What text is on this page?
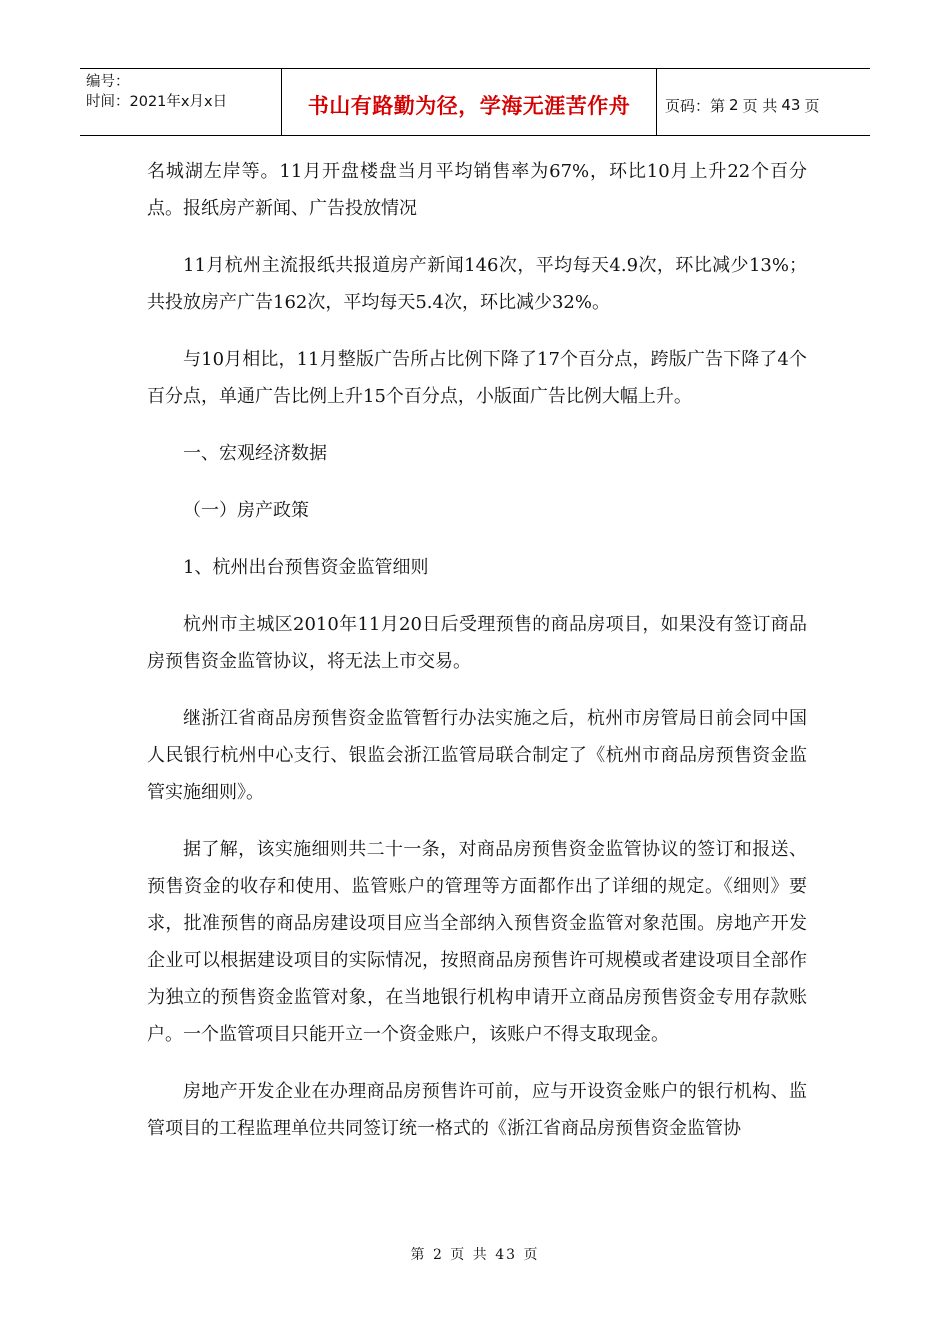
编号：
时间：2021年x月x日	书山有路勤为径，学海无涯苦作舟 页码：第 2 页 共 43 页

名城湖左岸等。11月开盘楼盘当月平均销售率为67%，环比10月上升22个百分点。报纸房产新闻、广告投放情况

11月杭州主流报纸共报道房产新闻146次，平均每天4.9次，环比减少13%；共投放房产广告162次，平均每天5.4次，环比减少32%。

与10月相比，11月整版广告所占比例下降了17个百分点，跨版广告下降了4个百分点，单通广告比例上升15个百分点，小版面广告比例大幅上升。

一、宏观经济数据

（一）房产政策

1、杭州出台预售资金监管细则

杭州市主城区2010年11月20日后受理预售的商品房项目，如果没有签订商品房预售资金监管协议，将无法上市交易。

继浙江省商品房预售资金监管暂行办法实施之后，杭州市房管局日前会同中国人民银行杭州中心支行、银监会浙江监管局联合制定了《杭州市商品房预售资金监管实施细则》。

据了解，该实施细则共二十一条，对商品房预售资金监管协议的签订和报送、预售资金的收存和使用、监管账户的管理等方面都作出了详细的规定。《细则》要求，批准预售的商品房建设项目应当全部纳入预售资金监管对象范围。房地产开发企业可以根据建设项目的实际情况，按照商品房预售许可规模或者建设项目全部作为独立的预售资金监管对象，在当地银行机构申请开立商品房预售资金专用存款账户。一个监管项目只能开立一个资金账户，该账户不得支取现金。

房地产开发企业在办理商品房预售许可前，应与开设资金账户的银行机构、监管项目的工程监理单位共同签订统一格式的《浙江省商品房预售资金监管协

第 2 页 共 43 页
